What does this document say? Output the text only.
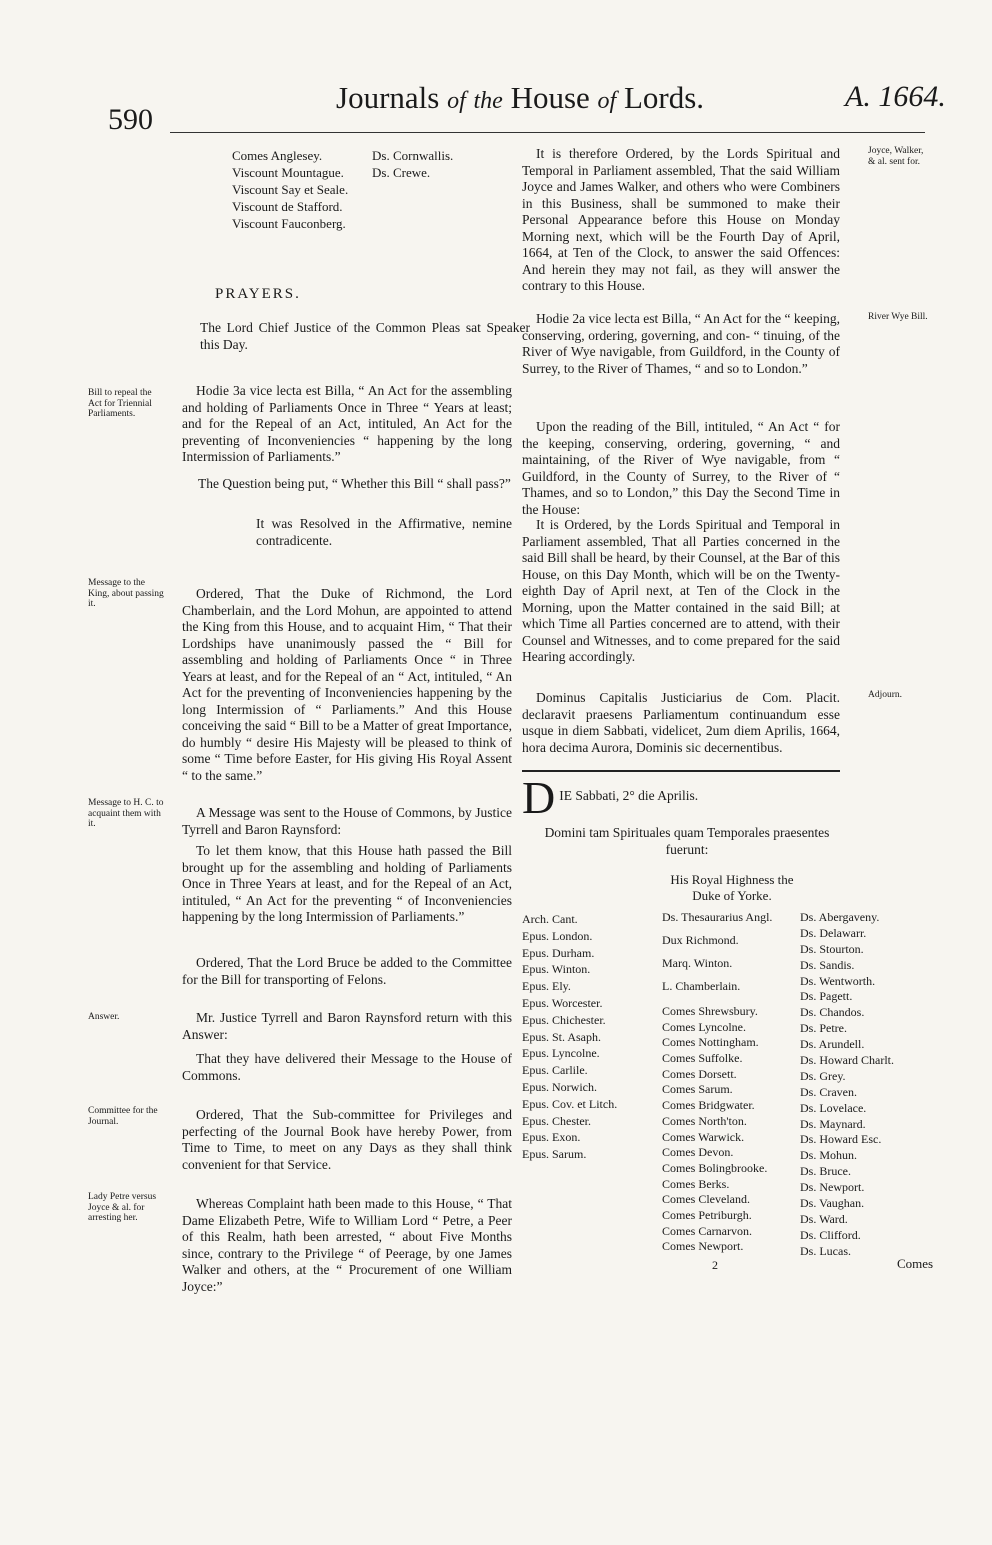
590
Journals of the House of Lords.	A. 1664.
Comes Anglesey.
Viscount Mountague.
Viscount Say et Seale.
Viscount de Stafford.
Viscount Fauconberg.
Ds. Cornwallis.
Ds. Crewe.
PRAYERS.

The Lord Chief Justice of the Common Pleas sat Speaker this Day.

Hodie 3a vice lecta est Billa, “ An Act for the assembling and holding of Parliaments Once in Three “ Years at least; and for the Repeal of an Act, intituled, An Act for the preventing of Inconveniencies “ happening by the long Intermission of Parliaments.”

The Question being put, “ Whether this Bill “ shall pass?”

It was Resolved in the Affirmative, nemine contradicente.

Ordered, That the Duke of Richmond, the Lord Chamberlain, and the Lord Mohun, are appointed to attend the King from this House, and to acquaint Him, “ That their Lordships have unanimously passed the “ Bill for assembling and holding of Parliaments Once “ in Three Years at least, and for the Repeal of an “ Act, intituled, “ An Act for the preventing of Inconveniencies happening by the long Intermission of “ Parliaments.” And this House conceiving the said “ Bill to be a Matter of great Importance, do humbly “ desire His Majesty will be pleased to think of some “ Time before Easter, for His giving His Royal Assent “ to the same.”

A Message was sent to the House of Commons, by Justice Tyrrell and Baron Raynsford:

To let them know, that this House hath passed the Bill brought up for the assembling and holding of Parliaments Once in Three Years at least, and for the Repeal of an Act, intituled, “ An Act for the preventing “ of Inconveniencies happening by the long Intermission of Parliaments.”

Ordered, That the Lord Bruce be added to the Committee for the Bill for transporting of Felons.

Mr. Justice Tyrrell and Baron Raynsford return with this Answer:

That they have delivered their Message to the House of Commons.

Ordered, That the Sub-committee for Privileges and perfecting of the Journal Book have hereby Power, from Time to Time, to meet on any Days as they shall think convenient for that Service.

Whereas Complaint hath been made to this House, “ That Dame Elizabeth Petre, Wife to William Lord “ Petre, a Peer of this Realm, hath been arrested, “ about Five Months since, contrary to the Privilege “ of Peerage, by one James Walker and others, at the “ Procurement of one William Joyce:”

Bill to repeal the Act for Triennial Parliaments.
Message to the King, about passing it.
Message to H. C. to acquaint them with it.
Answer.
Committee for the Journal.
Lady Petre versus Joyce & al. for arresting her.

It is therefore Ordered, by the Lords Spiritual and Temporal in Parliament assembled, That the said William Joyce and James Walker, and others who were Combiners in this Business, shall be summoned to make their Personal Appearance before this House on Monday Morning next, which will be the Fourth Day of April, 1664, at Ten of the Clock, to answer the said Offences: And herein they may not fail, as they will answer the contrary to this House.

Hodie 2a vice lecta est Billa, “ An Act for the “ keeping, conserving, ordering, governing, and con- “ tinuing, of the River of Wye navigable, from Guildford, in the County of Surrey, to the River of Thames, “ and so to London.”

Upon the reading of the Bill, intituled, “ An Act “ for the keeping, conserving, ordering, governing, “ and maintaining, of the River of Wye navigable, from “ Guildford, in the County of Surrey, to the River of “ Thames, and so to London,” this Day the Second Time in the House:

It is Ordered, by the Lords Spiritual and Temporal in Parliament assembled, That all Parties concerned in the said Bill shall be heard, by their Counsel, at the Bar of this House, on this Day Month, which will be on the Twenty-eighth Day of April next, at Ten of the Clock in the Morning, upon the Matter contained in the said Bill; at which Time all Parties concerned are to attend, with their Counsel and Witnesses, and to come prepared for the said Hearing accordingly.

Dominus Capitalis Justiciarius de Com. Placit. declaravit praesens Parliamentum continuandum esse usque in diem Sabbati, videlicet, 2um diem Aprilis, 1664, hora decima Aurora, Dominis sic decernentibus.

D IE Sabbati, 2° die Aprilis.

Domini tam Spirituales quam Temporales praesentes fuerunt:

His Royal Highness the Duke of Yorke.
Joyce, Walker, & al. sent for.
River Wye Bill.
Adjourn.
Arch. Cant.
Epus. London.
Epus. Durham.
Epus. Winton.
Epus. Ely.
Epus. Worcester.
Epus. Chichester.
Epus. St. Asaph.
Epus. Lyncolne.
Epus. Carlile.
Epus. Norwich.
Epus. Cov. et Litch.
Epus. Chester.
Epus. Exon.
Epus. Sarum.
Ds. Thesaurarius Angl.
Dux Richmond.
Marq. Winton.
L. Chamberlain.
Comes Shrewsbury.
Comes Lyncolne.
Comes Nottingham.
Comes Suffolke.
Comes Dorsett.
Comes Sarum.
Comes Bridgwater.
Comes North'ton.
Comes Warwick.
Comes Devon.
Comes Bolingbrooke.
Comes Berks.
Comes Cleveland.
Comes Petriburgh.
Comes Carnarvon.
Comes Newport.
Ds. Abergaveny.
Ds. Delawarr.
Ds. Stourton.
Ds. Sandis.
Ds. Wentworth.
Ds. Pagett.
Ds. Chandos.
Ds. Petre.
Ds. Arundell.
Ds. Howard Charlt.
Ds. Grey.
Ds. Craven.
Ds. Lovelace.
Ds. Maynard.
Ds. Howard Esc.
Ds. Mohun.
Ds. Bruce.
Ds. Newport.
Ds. Vaughan.
Ds. Ward.
Ds. Clifford.
Ds. Lucas.
2	Comes
